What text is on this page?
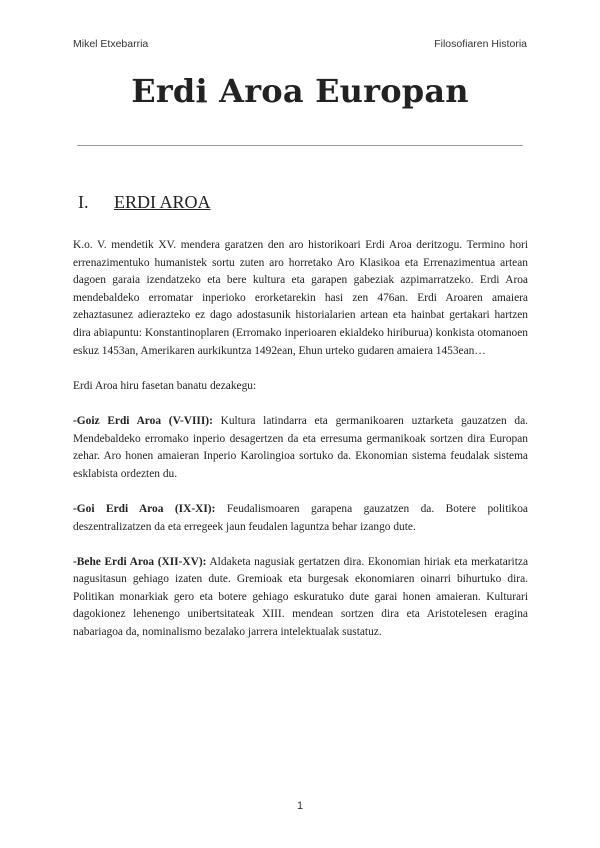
Mikel Etxebarria	Filosofiaren Historia
Erdi Aroa Europan
I.	ERDI AROA

K.o. V. mendetik XV. mendera garatzen den aro historikoari Erdi Aroa deritzogu. Termino hori errenazimentuko humanistek sortu zuten aro horretako Aro Klasikoa eta Errenazimentua artean dagoen garaia izendatzeko eta bere kultura eta garapen gabeziak azpimarratzeko. Erdi Aroa mendebaldeko erromatar inperioko erorketarekin hasi zen 476an. Erdi Aroaren amaiera zehaztasunez adierazteko ez dago adostasunik historialarien artean eta hainbat gertakari hartzen dira abiapuntu: Konstantinoplaren (Erromako inperioaren ekialdeko hiriburua) konkista otomanoen eskuz 1453an, Amerikaren aurkikuntza 1492ean, Ehun urteko gudaren amaiera 1453ean…

Erdi Aroa hiru fasetan banatu dezakegu:

-Goiz Erdi Aroa (V-VIII): Kultura latindarra eta germanikoaren uztarketa gauzatzen da. Mendebaldeko erromako inperio desagertzen da eta erresuma germanikoak sortzen dira Europan zehar. Aro honen amaieran Inperio Karolingioa sortuko da. Ekonomian sistema feudalak sistema esklabista ordezten du.

-Goi Erdi Aroa (IX-XI): Feudalismoaren garapena gauzatzen da. Botere politikoa deszentralizatzen da eta erregeek jaun feudalen laguntza behar izango dute.

-Behe Erdi Aroa (XII-XV): Aldaketa nagusiak gertatzen dira. Ekonomian hiriak eta merkataritza nagusitasun gehiago izaten dute. Gremioak eta burgesak ekonomiaren oinarri bihurtuko dira. Politikan monarkiak gero eta botere gehiago eskuratuko dute garai honen amaieran. Kulturari dagokionez lehenengo unibertsitateak XIII. mendean sortzen dira eta Aristotelesen eragina nabariagoa da, nominalismo bezalako jarrera intelektualak sustatuz.

1
